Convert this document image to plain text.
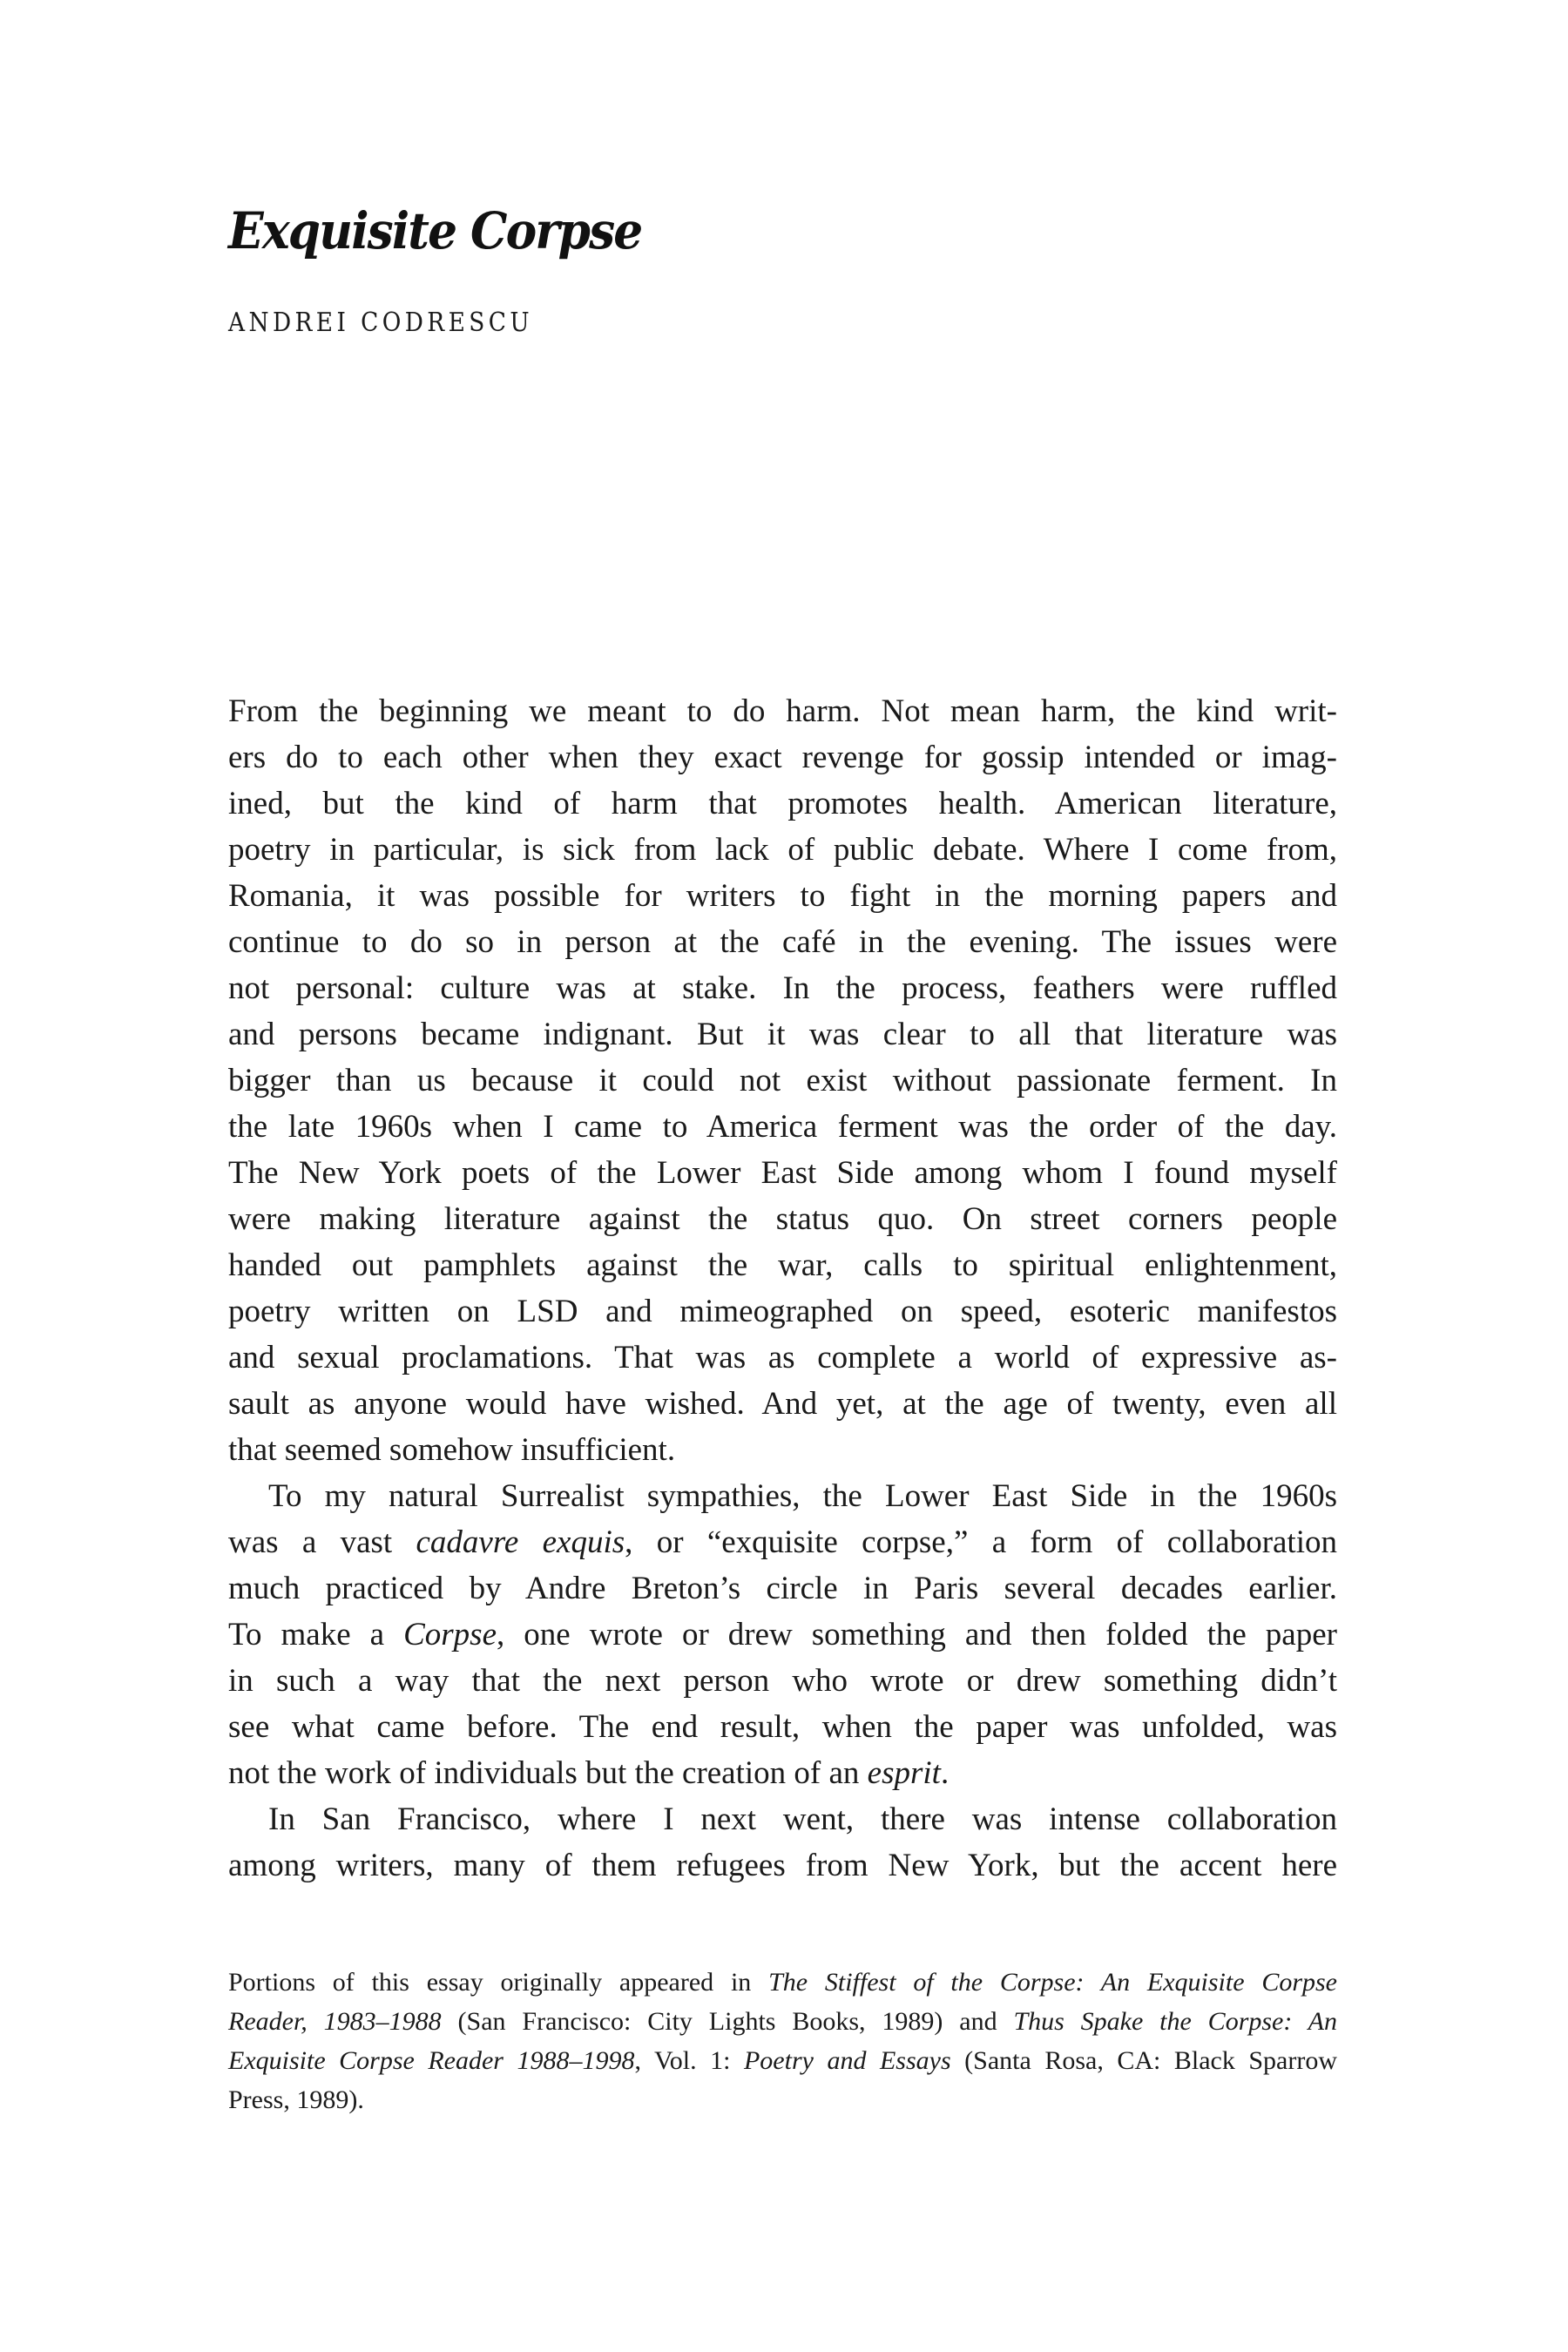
Exquisite Corpse
ANDREI CODRESCU
From the beginning we meant to do harm. Not mean harm, the kind writ-
ers do to each other when they exact revenge for gossip intended or imag-
ined, but the kind of harm that promotes health. American literature,
poetry in particular, is sick from lack of public debate. Where I come from,
Romania, it was possible for writers to fight in the morning papers and
continue to do so in person at the café in the evening. The issues were
not personal: culture was at stake. In the process, feathers were ruffled
and persons became indignant. But it was clear to all that literature was
bigger than us because it could not exist without passionate ferment. In
the late 1960s when I came to America ferment was the order of the day.
The New York poets of the Lower East Side among whom I found myself
were making literature against the status quo. On street corners people
handed out pamphlets against the war, calls to spiritual enlightenment,
poetry written on LSD and mimeographed on speed, esoteric manifestos
and sexual proclamations. That was as complete a world of expressive as-
sault as anyone would have wished. And yet, at the age of twenty, even all
that seemed somehow insufficient.
To my natural Surrealist sympathies, the Lower East Side in the 1960s
was a vast cadavre exquis, or “exquisite corpse,” a form of collaboration
much practiced by Andre Breton’s circle in Paris several decades earlier.
To make a Corpse, one wrote or drew something and then folded the paper
in such a way that the next person who wrote or drew something didn’t
see what came before. The end result, when the paper was unfolded, was
not the work of individuals but the creation of an esprit.
In San Francisco, where I next went, there was intense collaboration
among writers, many of them refugees from New York, but the accent here
Portions of this essay originally appeared in The Stiffest of the Corpse: An Exquisite Corpse
Reader, 1983–1988 (San Francisco: City Lights Books, 1989) and Thus Spake the Corpse: An
Exquisite Corpse Reader 1988–1998, Vol. 1: Poetry and Essays (Santa Rosa, CA: Black Sparrow
Press, 1989).
